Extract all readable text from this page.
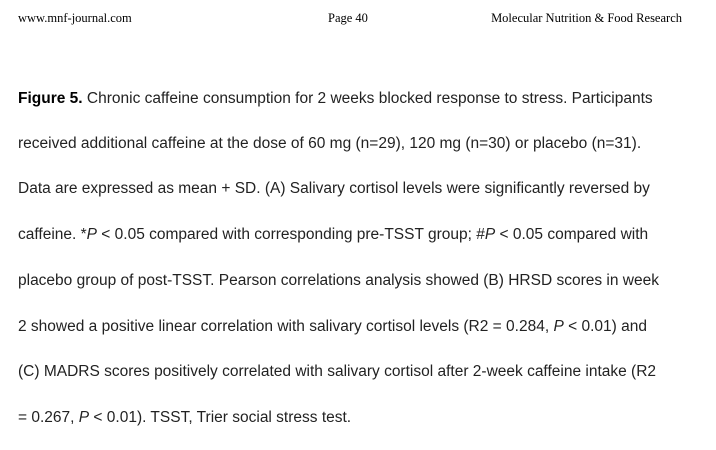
www.mnf-journal.com	Page 40	Molecular Nutrition & Food Research
Figure 5. Chronic caffeine consumption for 2 weeks blocked response to stress. Participants
received additional caffeine at the dose of 60 mg (n=29), 120 mg (n=30) or placebo (n=31).
Data are expressed as mean + SD. (A) Salivary cortisol levels were significantly reversed by
caffeine. *P < 0.05 compared with corresponding pre-TSST group; #P < 0.05 compared with
placebo group of post-TSST. Pearson correlations analysis showed (B) HRSD scores in week
2 showed a positive linear correlation with salivary cortisol levels (R2 = 0.284, P < 0.01) and
(C) MADRS scores positively correlated with salivary cortisol after 2-week caffeine intake (R2
= 0.267, P < 0.01). TSST, Trier social stress test.
